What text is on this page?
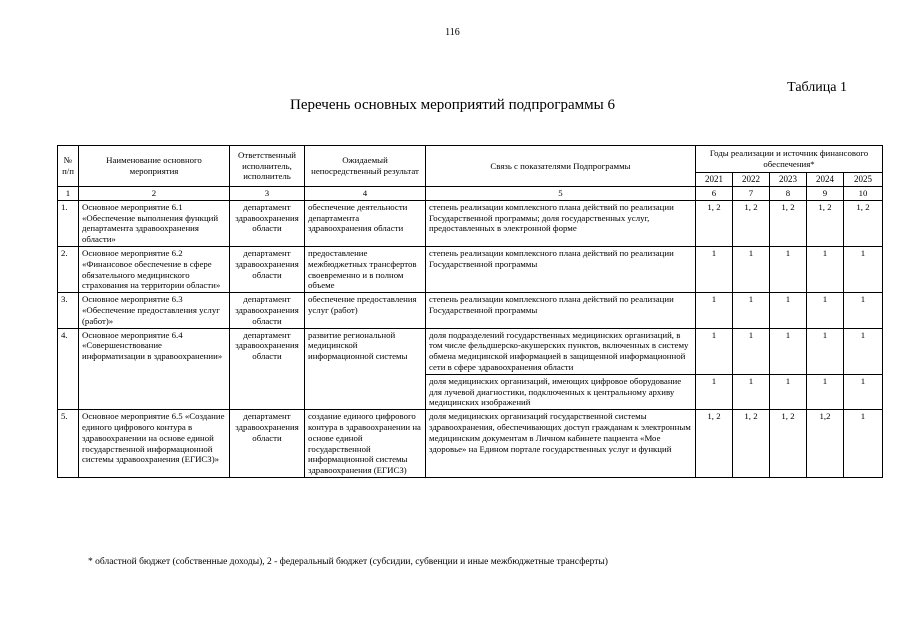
116
Таблица 1
Перечень основных мероприятий подпрограммы 6
№ п/п	Наименование основного мероприятия	Ответственный исполнитель, исполнитель	Ожидаемый непосредственный результат	Связь с показателями Подпрограммы	Годы реализации и источник финансового обеспечения*				
					2021	2022	2023	2024	2025
1	2	3	4	5	6	7	8	9	10
1.	Основное мероприятие 6.1 «Обеспечение выполнения функций департамента здравоохранения области»	департамент здравоохранения области	обеспечение деятельности департамента здравоохранения области	степень реализации комплексного плана действий по реализации Государственной программы; доля государственных услуг, предоставленных в электронной форме	1, 2	1, 2	1, 2	1, 2	1, 2
2.	Основное мероприятие 6.2 «Финансовое обеспечение в сфере обязательного медицинского страхования на территории области»	департамент здравоохранения области	предоставление межбюджетных трансфертов своевременно и в полном объеме	степень реализации комплексного плана действий по реализации Государственной программы	1	1	1	1	1
3.	Основное мероприятие 6.3 «Обеспечение предоставления услуг (работ)»	департамент здравоохранения области	обеспечение предоставления услуг (работ)	степень реализации комплексного плана действий по реализации Государственной программы	1	1	1	1	1
4.	Основное мероприятие 6.4 «Совершенствование информатизации в здравоохранении»	департамент здравоохранения области	развитие региональной медицинской информационной системы	доля подразделений государственных медицинских организаций, в том числе фельдшерско-акушерских пунктов, включенных в систему обмена медицинской информацией в защищенной информационной сети в сфере здравоохранения области	1	1	1	1	1
				доля медицинских организаций, имеющих цифровое оборудование для лучевой диагностики, подключенных к центральному архиву медицинских изображений	1	1	1	1	1
5.	Основное мероприятие 6.5 «Создание единого цифрового контура в здравоохранении на основе единой государственной информационной системы здравоохранения (ЕГИСЗ)»	департамент здравоохранения области	создание единого цифрового контура в здравоохранении на основе единой государственной информационной системы здравоохранения (ЕГИСЗ)	доля медицинских организаций государственной системы здравоохранения, обеспечивающих доступ гражданам к электронным медицинским документам в Личном кабинете пациента «Мое здоровье» на Едином портале государственных услуг и функций	1, 2	1, 2	1, 2	1,2	1
* областной бюджет (собственные доходы), 2 - федеральный бюджет (субсидии, субвенции и иные межбюджетные трансферты)
